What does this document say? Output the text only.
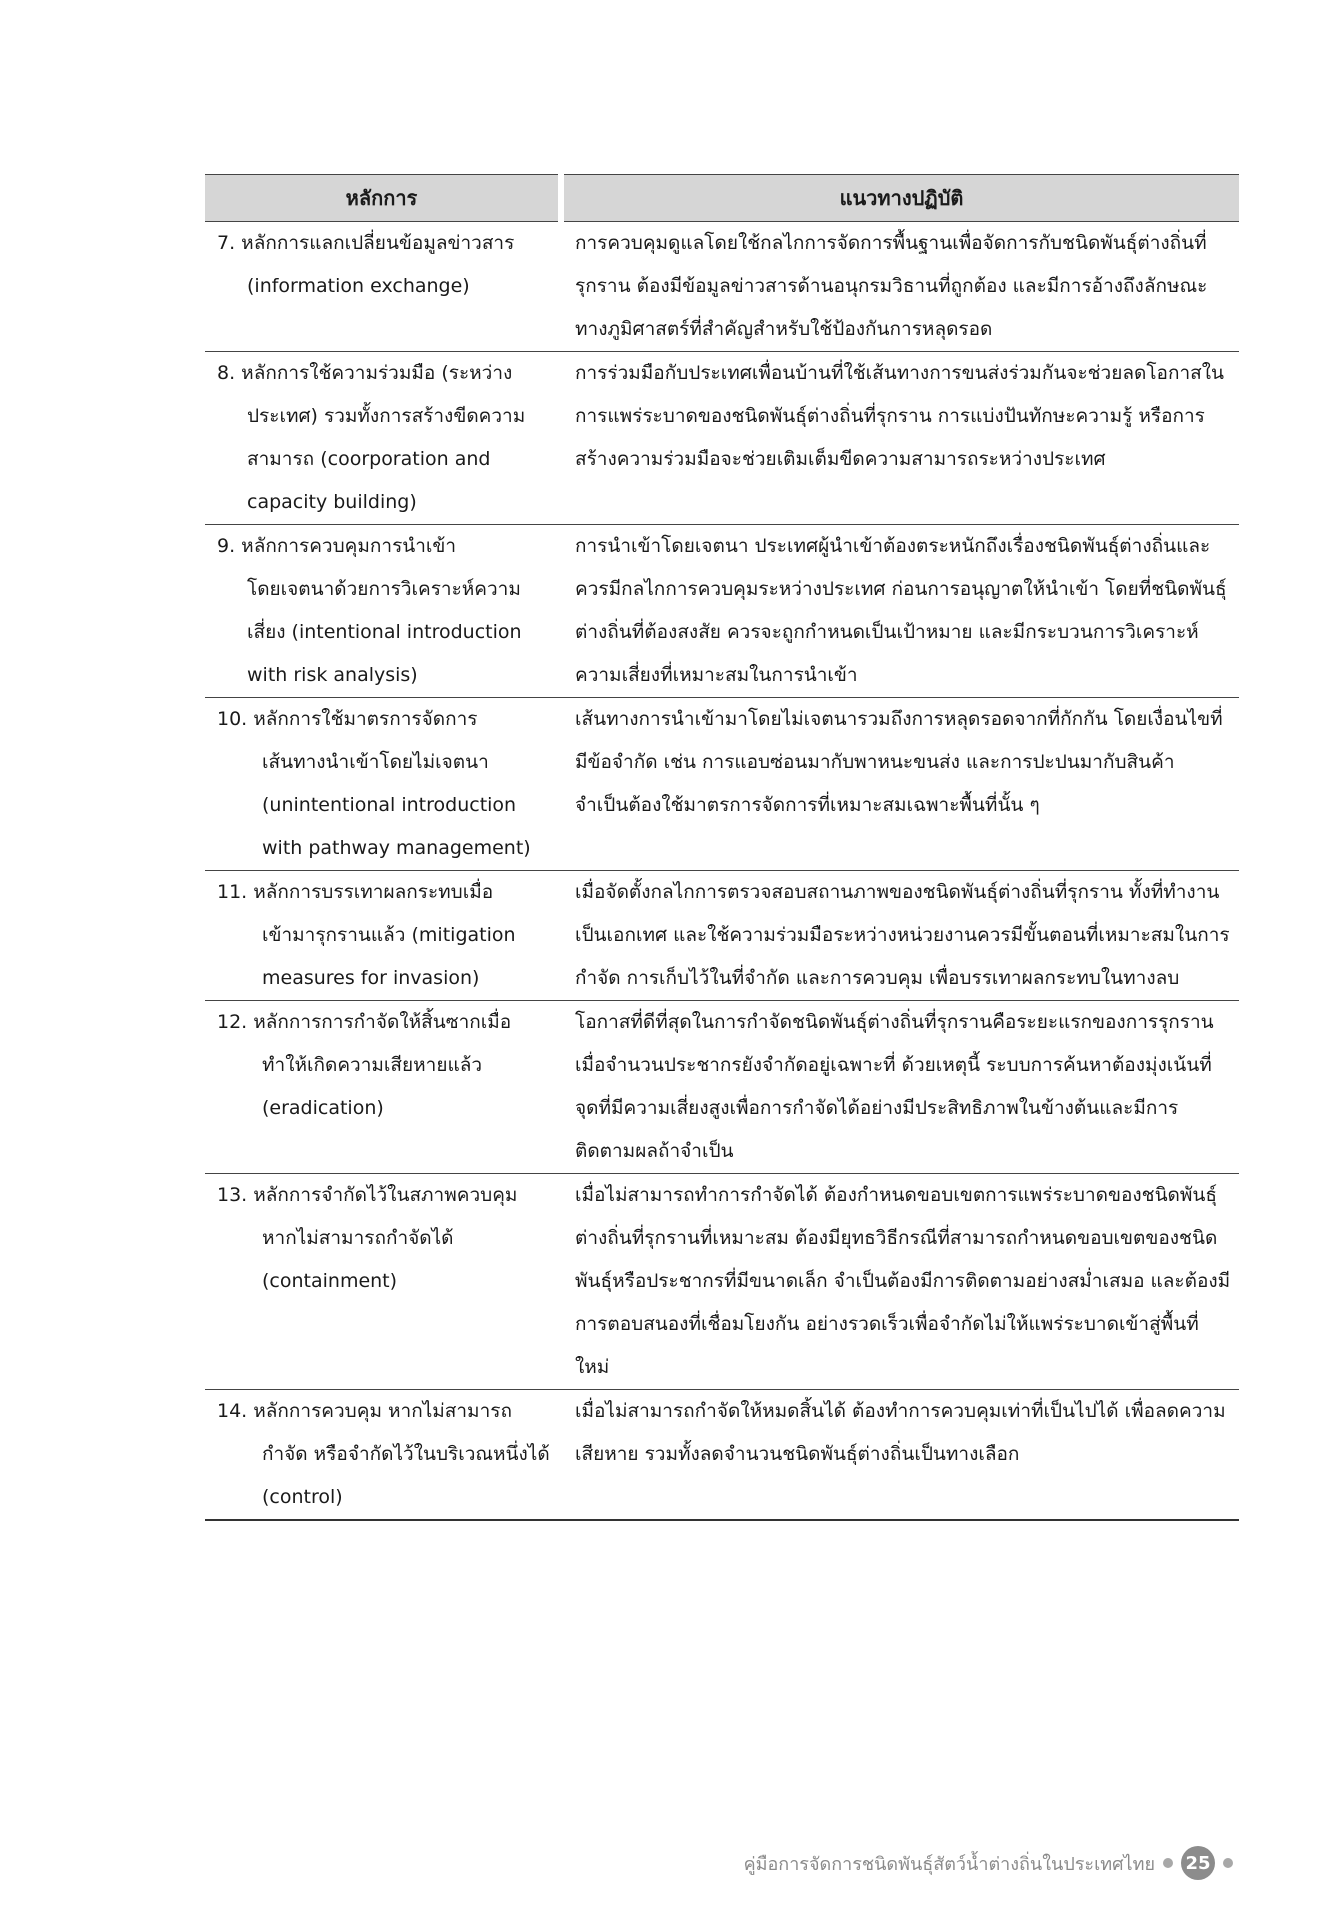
หลักการ	แนวทางปฏิบัติ

7. หลักการแลกเปลี่ยนข้อมูลข่าวสาร
(information exchange)	การควบคุมดูแลโดยใช้กลไกการจัดการพื้นฐานเพื่อจัดการกับชนิดพันธุ์ต่างถิ่นที่รุกราน ต้องมีข้อมูลข่าวสารด้านอนุกรมวิธานที่ถูกต้อง และมีการอ้างถึงลักษณะทางภูมิศาสตร์ที่สำคัญสำหรับใช้ป้องกันการหลุดรอด

8. หลักการใช้ความร่วมมือ (ระหว่าง
ประเทศ) รวมทั้งการสร้างขีดความสามารถ (coorporation and capacity building)	การร่วมมือกับประเทศเพื่อนบ้านที่ใช้เส้นทางการขนส่งร่วมกันจะช่วยลดโอกาสในการแพร่ระบาดของชนิดพันธุ์ต่างถิ่นที่รุกราน การแบ่งปันทักษะความรู้ หรือการสร้างความร่วมมือจะช่วยเติมเต็มขีดความสามารถระหว่างประเทศ

9. หลักการควบคุมการนำเข้า
โดยเจตนาด้วยการวิเคราะห์ความเสี่ยง (intentional introduction with risk analysis)	การนำเข้าโดยเจตนา ประเทศผู้นำเข้าต้องตระหนักถึงเรื่องชนิดพันธุ์ต่างถิ่นและควรมีกลไกการควบคุมระหว่างประเทศ ก่อนการอนุญาตให้นำเข้า โดยที่ชนิดพันธุ์ต่างถิ่นที่ต้องสงสัย ควรจะถูกกำหนดเป็นเป้าหมาย และมีกระบวนการวิเคราะห์ความเสี่ยงที่เหมาะสมในการนำเข้า

10. หลักการใช้มาตรการจัดการ
เส้นทางนำเข้าโดยไม่เจตนา (unintentional introduction with pathway management)	เส้นทางการนำเข้ามาโดยไม่เจตนารวมถึงการหลุดรอดจากที่กักกัน โดยเงื่อนไขที่มีข้อจำกัด เช่น การแอบซ่อนมากับพาหนะขนส่ง และการปะปนมากับสินค้า จำเป็นต้องใช้มาตรการจัดการที่เหมาะสมเฉพาะพื้นที่นั้น ๆ

11. หลักการบรรเทาผลกระทบเมื่อ
เข้ามารุกรานแล้ว (mitigation measures for invasion)	เมื่อจัดตั้งกลไกการตรวจสอบสถานภาพของชนิดพันธุ์ต่างถิ่นที่รุกราน ทั้งที่ทำงานเป็นเอกเทศ และใช้ความร่วมมือระหว่างหน่วยงานควรมีขั้นตอนที่เหมาะสมในการกำจัด การเก็บไว้ในที่จำกัด และการควบคุม เพื่อบรรเทาผลกระทบในทางลบ

12. หลักการการกำจัดให้สิ้นซากเมื่อ
ทำให้เกิดความเสียหายแล้ว (eradication)	โอกาสที่ดีที่สุดในการกำจัดชนิดพันธุ์ต่างถิ่นที่รุกรานคือระยะแรกของการรุกราน เมื่อจำนวนประชากรยังจำกัดอยู่เฉพาะที่ ด้วยเหตุนี้ ระบบการค้นหาต้องมุ่งเน้นที่จุดที่มีความเสี่ยงสูงเพื่อการกำจัดได้อย่างมีประสิทธิภาพในข้างต้นและมีการติดตามผลถ้าจำเป็น

13. หลักการจำกัดไว้ในสภาพควบคุม
หากไม่สามารถกำจัดได้ (containment)	เมื่อไม่สามารถทำการกำจัดได้ ต้องกำหนดขอบเขตการแพร่ระบาดของชนิดพันธุ์ต่างถิ่นที่รุกรานที่เหมาะสม ต้องมียุทธวิธีกรณีที่สามารถกำหนดขอบเขตของชนิดพันธุ์หรือประชากรที่มีขนาดเล็ก จำเป็นต้องมีการติดตามอย่างสม่ำเสมอ และต้องมีการตอบสนองที่เชื่อมโยงกัน อย่างรวดเร็วเพื่อจำกัดไม่ให้แพร่ระบาดเข้าสู่พื้นที่ใหม่

14. หลักการควบคุม หากไม่สามารถ
กำจัด หรือจำกัดไว้ในบริเวณหนึ่งได้ (control)	เมื่อไม่สามารถกำจัดให้หมดสิ้นได้ ต้องทำการควบคุมเท่าที่เป็นไปได้ เพื่อลดความเสียหาย รวมทั้งลดจำนวนชนิดพันธุ์ต่างถิ่นเป็นทางเลือก
คู่มือการจัดการชนิดพันธุ์สัตว์น้ำต่างถิ่นในประเทศไทย 25
